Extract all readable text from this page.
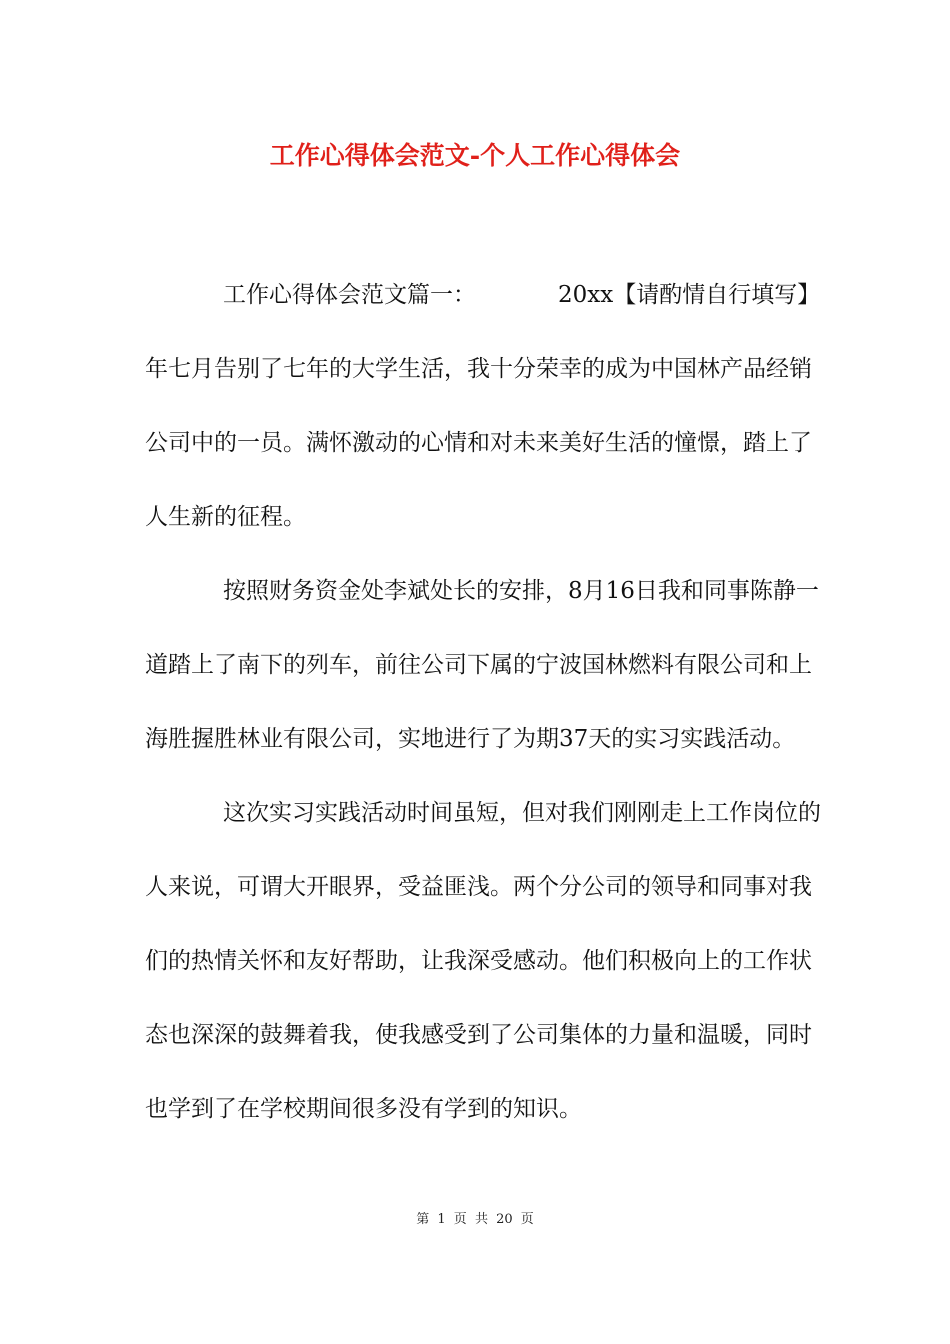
工作心得体会范文-个人工作心得体会
工作心得体会范文篇一：	20xx【请酌情自行填写】
年七月告别了七年的大学生活，我十分荣幸的成为中国林产品经销
公司中的一员。满怀激动的心情和对未来美好生活的憧憬，踏上了
人生新的征程。
按照财务资金处李斌处长的安排，8月16日我和同事陈静一
道踏上了南下的列车，前往公司下属的宁波国林燃料有限公司和上
海胜握胜林业有限公司，实地进行了为期37天的实习实践活动。
这次实习实践活动时间虽短，但对我们刚刚走上工作岗位的
人来说，可谓大开眼界，受益匪浅。两个分公司的领导和同事对我
们的热情关怀和友好帮助，让我深受感动。他们积极向上的工作状
态也深深的鼓舞着我，使我感受到了公司集体的力量和温暖，同时
也学到了在学校期间很多没有学到的知识。
第 1 页 共 20 页
